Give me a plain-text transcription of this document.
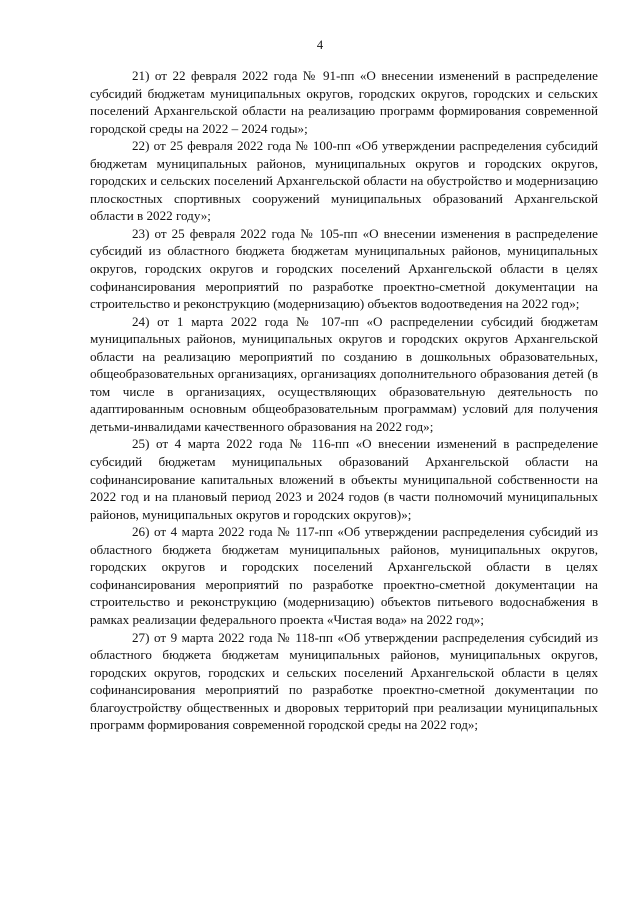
4

21) от 22 февраля 2022 года № 91-пп «О внесении изменений в распределение субсидий бюджетам муниципальных округов, городских округов, городских и сельских поселений Архангельской области на реализацию программ формирования современной городской среды на 2022 – 2024 годы»;

22) от 25 февраля 2022 года № 100-пп «Об утверждении распределения субсидий бюджетам муниципальных районов, муниципальных округов и городских округов, городских и сельских поселений Архангельской области на обустройство и модернизацию плоскостных спортивных сооружений муниципальных образований Архангельской области в 2022 году»;

23) от 25 февраля 2022 года № 105-пп «О внесении изменения в распределение субсидий из областного бюджета бюджетам муниципальных районов, муниципальных округов, городских округов и городских поселений Архангельской области в целях софинансирования мероприятий по разработке проектно-сметной документации на строительство и реконструкцию (модернизацию) объектов водоотведения на 2022 год»;

24) от 1 марта 2022 года № 107-пп «О распределении субсидий бюджетам муниципальных районов, муниципальных округов и городских округов Архангельской области на реализацию мероприятий по созданию в дошкольных образовательных, общеобразовательных организациях, организациях дополнительного образования детей (в том числе в организациях, осуществляющих образовательную деятельность по адаптированным основным общеобразовательным программам) условий для получения детьми-инвалидами качественного образования на 2022 год»;

25) от 4 марта 2022 года № 116-пп «О внесении изменений в распределение субсидий бюджетам муниципальных образований Архангельской области на софинансирование капитальных вложений в объекты муниципальной собственности на 2022 год и на плановый период 2023 и 2024 годов (в части полномочий муниципальных районов, муниципальных округов и городских округов)»;

26) от 4 марта 2022 года № 117-пп «Об утверждении распределения субсидий из областного бюджета бюджетам муниципальных районов, муниципальных округов, городских округов и городских поселений Архангельской области в целях софинансирования мероприятий по разработке проектно-сметной документации на строительство и реконструкцию (модернизацию) объектов питьевого водоснабжения в рамках реализации федерального проекта «Чистая вода» на 2022 год»;

27) от 9 марта 2022 года № 118-пп «Об утверждении распределения субсидий из областного бюджета бюджетам муниципальных районов, муниципальных округов, городских округов, городских и сельских поселений Архангельской области в целях софинансирования мероприятий по разработке проектно-сметной документации по благоустройству общественных и дворовых территорий при реализации муниципальных программ формирования современной городской среды на 2022 год»;
